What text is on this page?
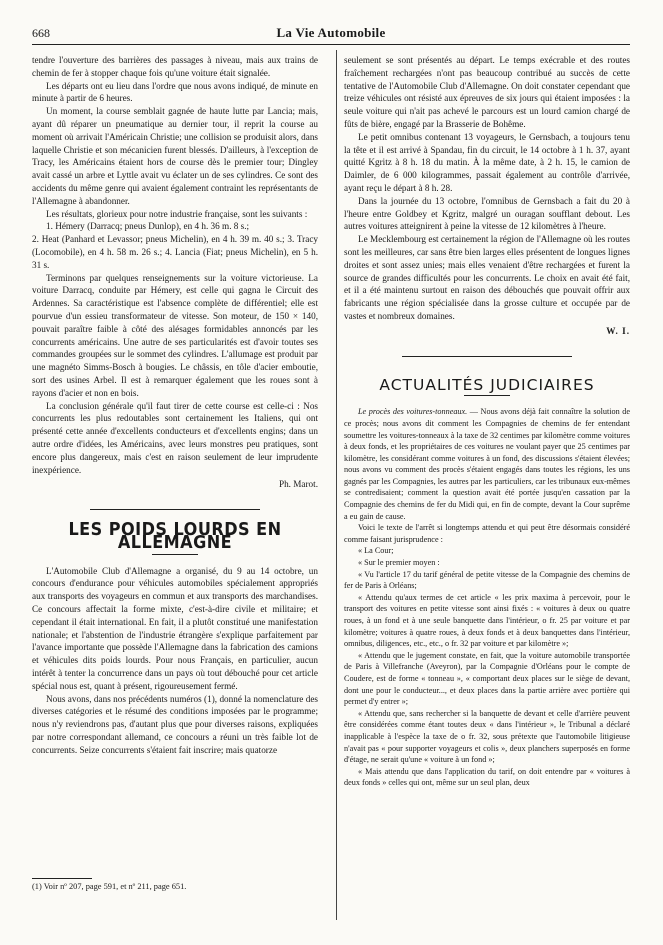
668	La Vie Automobile

tendre l'ouverture des barrières des passages à niveau, mais aux trains de chemin de fer à stopper chaque fois qu'une voiture était signalée.

Les départs ont eu lieu dans l'ordre que nous avons indiqué, de minute en minute à partir de 6 heures.

Un moment, la course semblait gagnée de haute lutte par Lancia; mais, ayant dû réparer un pneumatique au dernier tour, il reprit la course au moment où arrivait l'Américain Christie; une collision se produisit alors, dans laquelle Christie et son mécanicien furent blessés. D'ailleurs, à l'exception de Tracy, les Américains étaient hors de course dès le premier tour; Dingley avait cassé un arbre et Lyttle avait vu éclater un de ses cylindres. Ce sont des accidents du même genre qui avaient également contraint les représentants de l'Allemagne à abandonner.

Les résultats, glorieux pour notre industrie française, sont les suivants :

1. Hémery (Darracq; pneus Dunlop), en 4 h. 36 m. 8 s.;

2. Heat (Panhard et Levassor; pneus Michelin), en 4 h. 39 m. 40 s.; 3. Tracy (Locomobile), en 4 h. 58 m. 26 s.; 4. Lancia (Fiat; pneus Michelin), en 5 h. 31 s.

Terminons par quelques renseignements sur la voiture victorieuse. La voiture Darracq, conduite par Hémery, est celle qui gagna le Circuit des Ardennes. Sa caractéristique est l'absence complète de différentiel; elle est pourvue d'un essieu transformateur de vitesse. Son moteur, de 150 × 140, pouvait paraître faible à côté des alésages formidables annoncés par les concurrents américains. Une autre de ses particularités est d'avoir toutes ses commandes groupées sur le sommet des cylindres. L'allumage est produit par une magnéto Simms-Bosch à bougies. Le châssis, en tôle d'acier emboutie, sort des usines Arbel. Il est à remarquer également que les roues sont à rayons d'acier et non en bois.

La conclusion générale qu'il faut tirer de cette course est celle-ci : Nos concurrents les plus redoutables sont certainement les Italiens, qui ont présenté cette année d'excellents conducteurs et d'excellents engins; dans un autre ordre d'idées, les Américains, avec leurs monstres peu pratiques, sont encore plus dangereux, mais c'est en raison seulement de leur imprudente inexpérience.

Ph. Marot.
LES POIDS LOURDS EN ALLEMAGNE

L'Automobile Club d'Allemagne a organisé, du 9 au 14 octobre, un concours d'endurance pour véhicules automobiles spécialement appropriés aux transports des voyageurs en commun et aux transports des marchandises. Ce concours affectait la forme mixte, c'est-à-dire civile et militaire; et cependant il était international. En fait, il a plutôt constitué une manifestation nationale; et l'abstention de l'industrie étrangère s'explique parfaitement par l'avance importante que possède l'Allemagne dans la fabrication des camions et véhicules dits poids lourds. Pour nous Français, en particulier, aucun intérêt à tenter la concurrence dans un pays où tout débouché pour cet article spécial nous est, quant à présent, rigoureusement fermé.

Nous avons, dans nos précédents numéros (1), donné la nomenclature des diverses catégories et le résumé des conditions imposées par le programme; nous n'y reviendrons pas, d'autant plus que pour diverses raisons, expliquées par notre correspondant allemand, ce concours a réuni un très faible lot de concurrents. Seize concurrents s'étaient fait inscrire; mais quatorze

(1) Voir nº 207, page 591, et nº 211, page 651.

seulement se sont présentés au départ. Le temps exécrable et des routes fraîchement rechargées n'ont pas beaucoup contribué au succès de cette tentative de l'Automobile Club d'Allemagne. On doit constater cependant que treize véhicules ont résisté aux épreuves de six jours qui étaient imposées : la seule voiture qui n'ait pas achevé le parcours est un lourd camion chargé de fûts de bière, engagé par la Brasserie de Bohême.

Le petit omnibus contenant 13 voyageurs, le Gernsbach, a toujours tenu la tête et il est arrivé à Spandau, fin du circuit, le 14 octobre à 1 h. 37, ayant quitté Kgritz à 8 h. 18 du matin. À la même date, à 2 h. 15, le camion de Daimler, de 6 000 kilogrammes, passait également au contrôle d'arrivée, ayant reçu le départ à 8 h. 28.

Dans la journée du 13 octobre, l'omnibus de Gernsbach a fait du 20 à l'heure entre Goldbey et Kgritz, malgré un ouragan soufflant debout. Les autres voitures atteignirent à peine la vitesse de 12 kilomètres à l'heure.

Le Mecklembourg est certainement la région de l'Allemagne où les routes sont les meilleures, car sans être bien larges elles présentent de longues lignes droites et sont assez unies; mais elles venaient d'être rechargées et furent la source de grandes difficultés pour les concurrents. Le choix en avait été fait, et il a été maintenu surtout en raison des débouchés que pouvait offrir aux fabricants une région spécialisée dans la grosse culture et occupée par de vastes et nombreux domaines.

W. I.
ACTUALITÉS JUDICIAIRES

Le procès des voitures-tonneaux. — Nous avons déjà fait connaître la solution de ce procès; nous avons dit comment les Compagnies de chemins de fer entendant soumettre les voitures-tonneaux à la taxe de 32 centimes par kilomètre comme voitures à deux fonds, et les propriétaires de ces voitures ne voulant payer que 25 centimes par kilomètre, les considérant comme voitures à un fond, des discussions s'étaient élevées; nous avons vu comment des procès s'étaient engagés dans toutes les régions, les uns gagnés par les Compagnies, les autres par les particuliers, car les tribunaux eux-mêmes se contredisaient; comment la question avait été portée jusqu'en cassation par la Compagnie des chemins de fer du Midi qui, en fin de compte, devant la Cour suprême a eu gain de cause.

Voici le texte de l'arrêt si longtemps attendu et qui peut être désormais considéré comme faisant jurisprudence :

« La Cour;

« Sur le premier moyen :

« Vu l'article 17 du tarif général de petite vitesse de la Compagnie des chemins de fer de Paris à Orléans;

« Attendu qu'aux termes de cet article « les prix maxima à percevoir, pour le transport des voitures en petite vitesse sont ainsi fixés : « voitures à deux ou quatre roues, à un fond et à une seule banquette dans l'intérieur, o fr. 25 par voiture et par kilomètre; voitures à quatre roues, à deux fonds et à deux banquettes dans l'intérieur, omnibus, diligences, etc., etc., o fr. 32 par voiture et par kilomètre »;

« Attendu que le jugement constate, en fait, que la voiture automobile transportée de Paris à Villefranche (Aveyron), par la Compagnie d'Orléans pour le compte de Coudere, est de forme « tonneau », « comportant deux places sur le siège de devant, dont une pour le conducteur..., et deux places dans la partie arrière avec portière qui permet d'y entrer »;

« Attendu que, sans rechercher si la banquette de devant et celle d'arrière peuvent être considérées comme étant toutes deux « dans l'intérieur », le Tribunal a déclaré inapplicable à l'espèce la taxe de o fr. 32, sous prétexte que l'automobile litigieuse n'avait pas « pour supporter voyageurs et colis », deux planchers superposés en forme d'étage, ne serait qu'une « voiture à un fond »;

« Mais attendu que dans l'application du tarif, on doit entendre par « voitures à deux fonds » celles qui ont, même sur un seul plan, deux
